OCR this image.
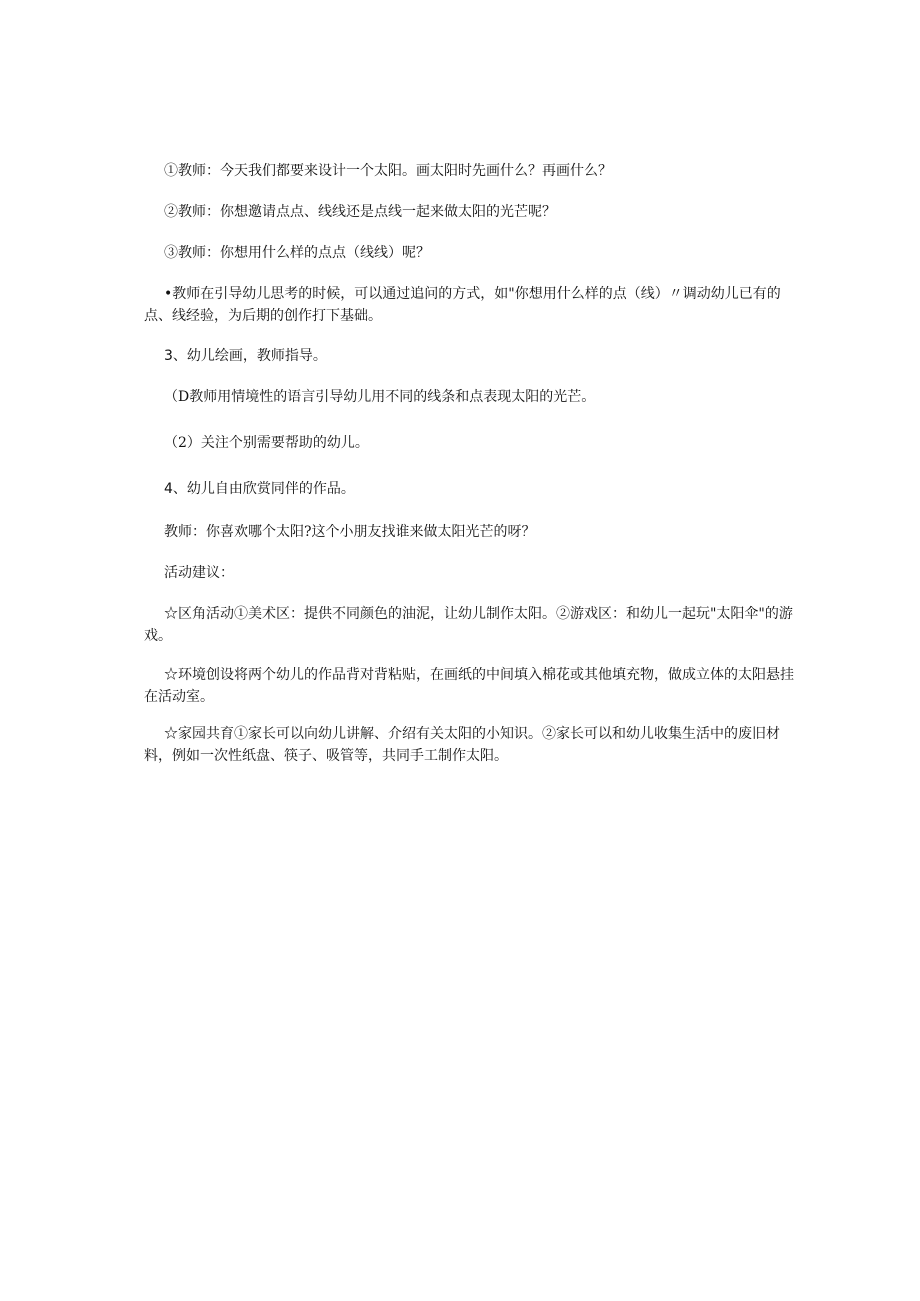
①教师：今天我们都要来设计一个太阳。画太阳时先画什么？再画什么？

②教师：你想邀请点点、线线还是点线一起来做太阳的光芒呢？

③教师：你想用什么样的点点（线线）呢？

•教师在引导幼儿思考的时候，可以通过追问的方式，如"你想用什么样的点（线）〃调动幼儿已有的点、线经验，为后期的创作打下基础。

3、幼儿绘画，教师指导。

（D教师用情境性的语言引导幼儿用不同的线条和点表现太阳的光芒。

（2）关注个别需要帮助的幼儿。

4、幼儿自由欣赏同伴的作品。

教师：你喜欢哪个太阳?这个小朋友找谁来做太阳光芒的呀？

活动建议：

☆区角活动①美术区：提供不同颜色的油泥，让幼儿制作太阳。②游戏区：和幼儿一起玩"太阳伞"的游戏。

☆环境创设将两个幼儿的作品背对背粘贴，在画纸的中间填入棉花或其他填充物，做成立体的太阳悬挂在活动室。

☆家园共育①家长可以向幼儿讲解、介绍有关太阳的小知识。②家长可以和幼儿收集生活中的废旧材料，例如一次性纸盘、筷子、吸管等，共同手工制作太阳。
